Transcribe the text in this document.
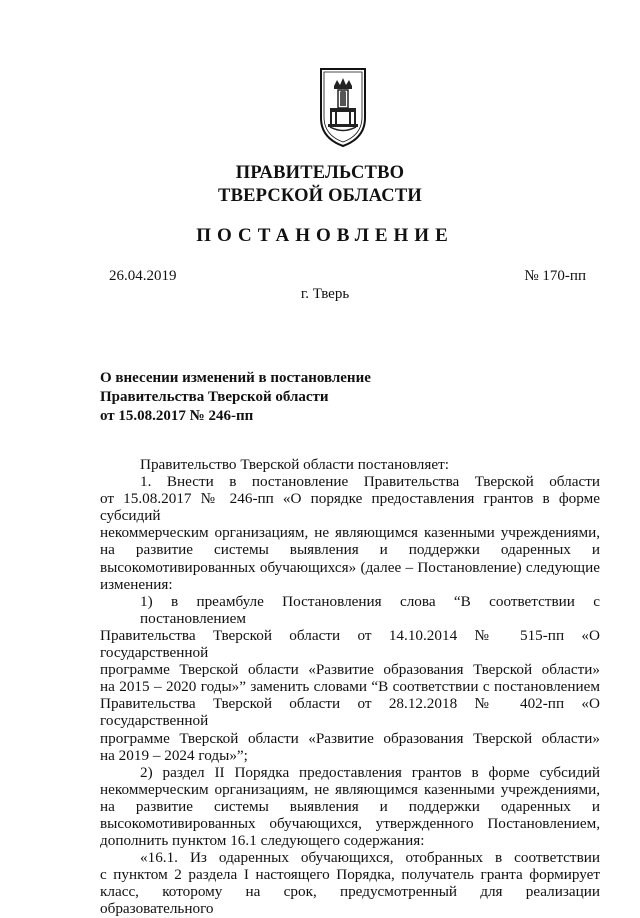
ПРАВИТЕЛЬСТВО
ТВЕРСКОЙ ОБЛАСТИ
ПОСТАНОВЛЕНИЕ
26.04.2019	№ 170-пп
г. Тверь
О внесении изменений в постановление
Правительства Тверской области
от 15.08.2017 № 246-пп
Правительство Тверской области постановляет:
1. Внести в постановление Правительства Тверской области
от 15.08.2017 № 246-пп «О порядке предоставления грантов в форме субсидий
некоммерческим организациям, не являющимся казенными учреждениями,
на развитие системы выявления и поддержки одаренных и
высокомотивированных обучающихся» (далее – Постановление) следующие
изменения:
1) в преамбуле Постановления слова “В соответствии с постановлением
Правительства Тверской области от 14.10.2014 № 515-пп «О государственной
программе Тверской области «Развитие образования Тверской области»
на 2015 – 2020 годы»” заменить словами “В соответствии с постановлением
Правительства Тверской области от 28.12.2018 № 402-пп «О государственной
программе Тверской области «Развитие образования Тверской области»
на 2019 – 2024 годы»”;
2) раздел II Порядка предоставления грантов в форме субсидий
некоммерческим организациям, не являющимся казенными учреждениями,
на развитие системы выявления и поддержки одаренных и
высокомотивированных обучающихся, утвержденного Постановлением,
дополнить пунктом 16.1 следующего содержания:
«16.1. Из одаренных обучающихся, отобранных в соответствии
с пунктом 2 раздела I настоящего Порядка, получатель гранта формирует
класс, которому на срок, предусмотренный для реализации образовательного
